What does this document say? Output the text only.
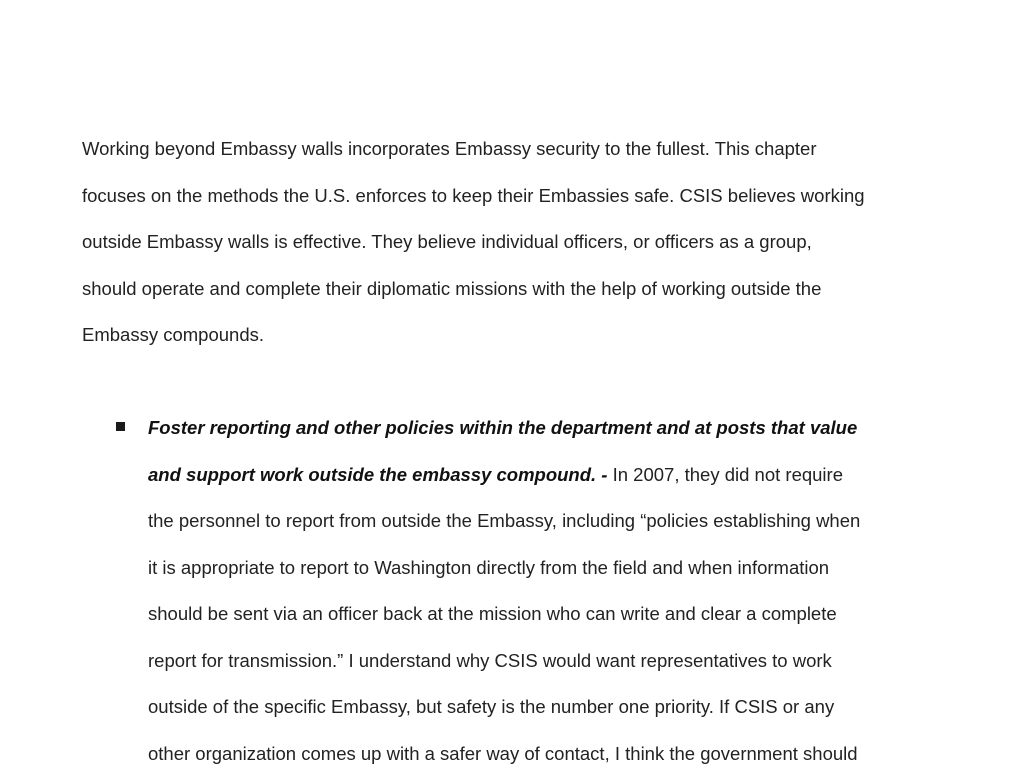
Working beyond Embassy walls incorporates Embassy security to the fullest. This chapter
focuses on the methods the U.S. enforces to keep their Embassies safe. CSIS believes working
outside Embassy walls is effective. They believe individual officers, or officers as a group,
should operate and complete their diplomatic missions with the help of working outside the
Embassy compounds.

Foster reporting and other policies within the department and at posts that value
and support work outside the embassy compound. - In 2007, they did not require
the personnel to report from outside the Embassy, including “policies establishing when
it is appropriate to report to Washington directly from the field and when information
should be sent via an officer back at the mission who can write and clear a complete
report for transmission.” I understand why CSIS would want representatives to work
outside of the specific Embassy, but safety is the number one priority. If CSIS or any
other organization comes up with a safer way of contact, I think the government should
